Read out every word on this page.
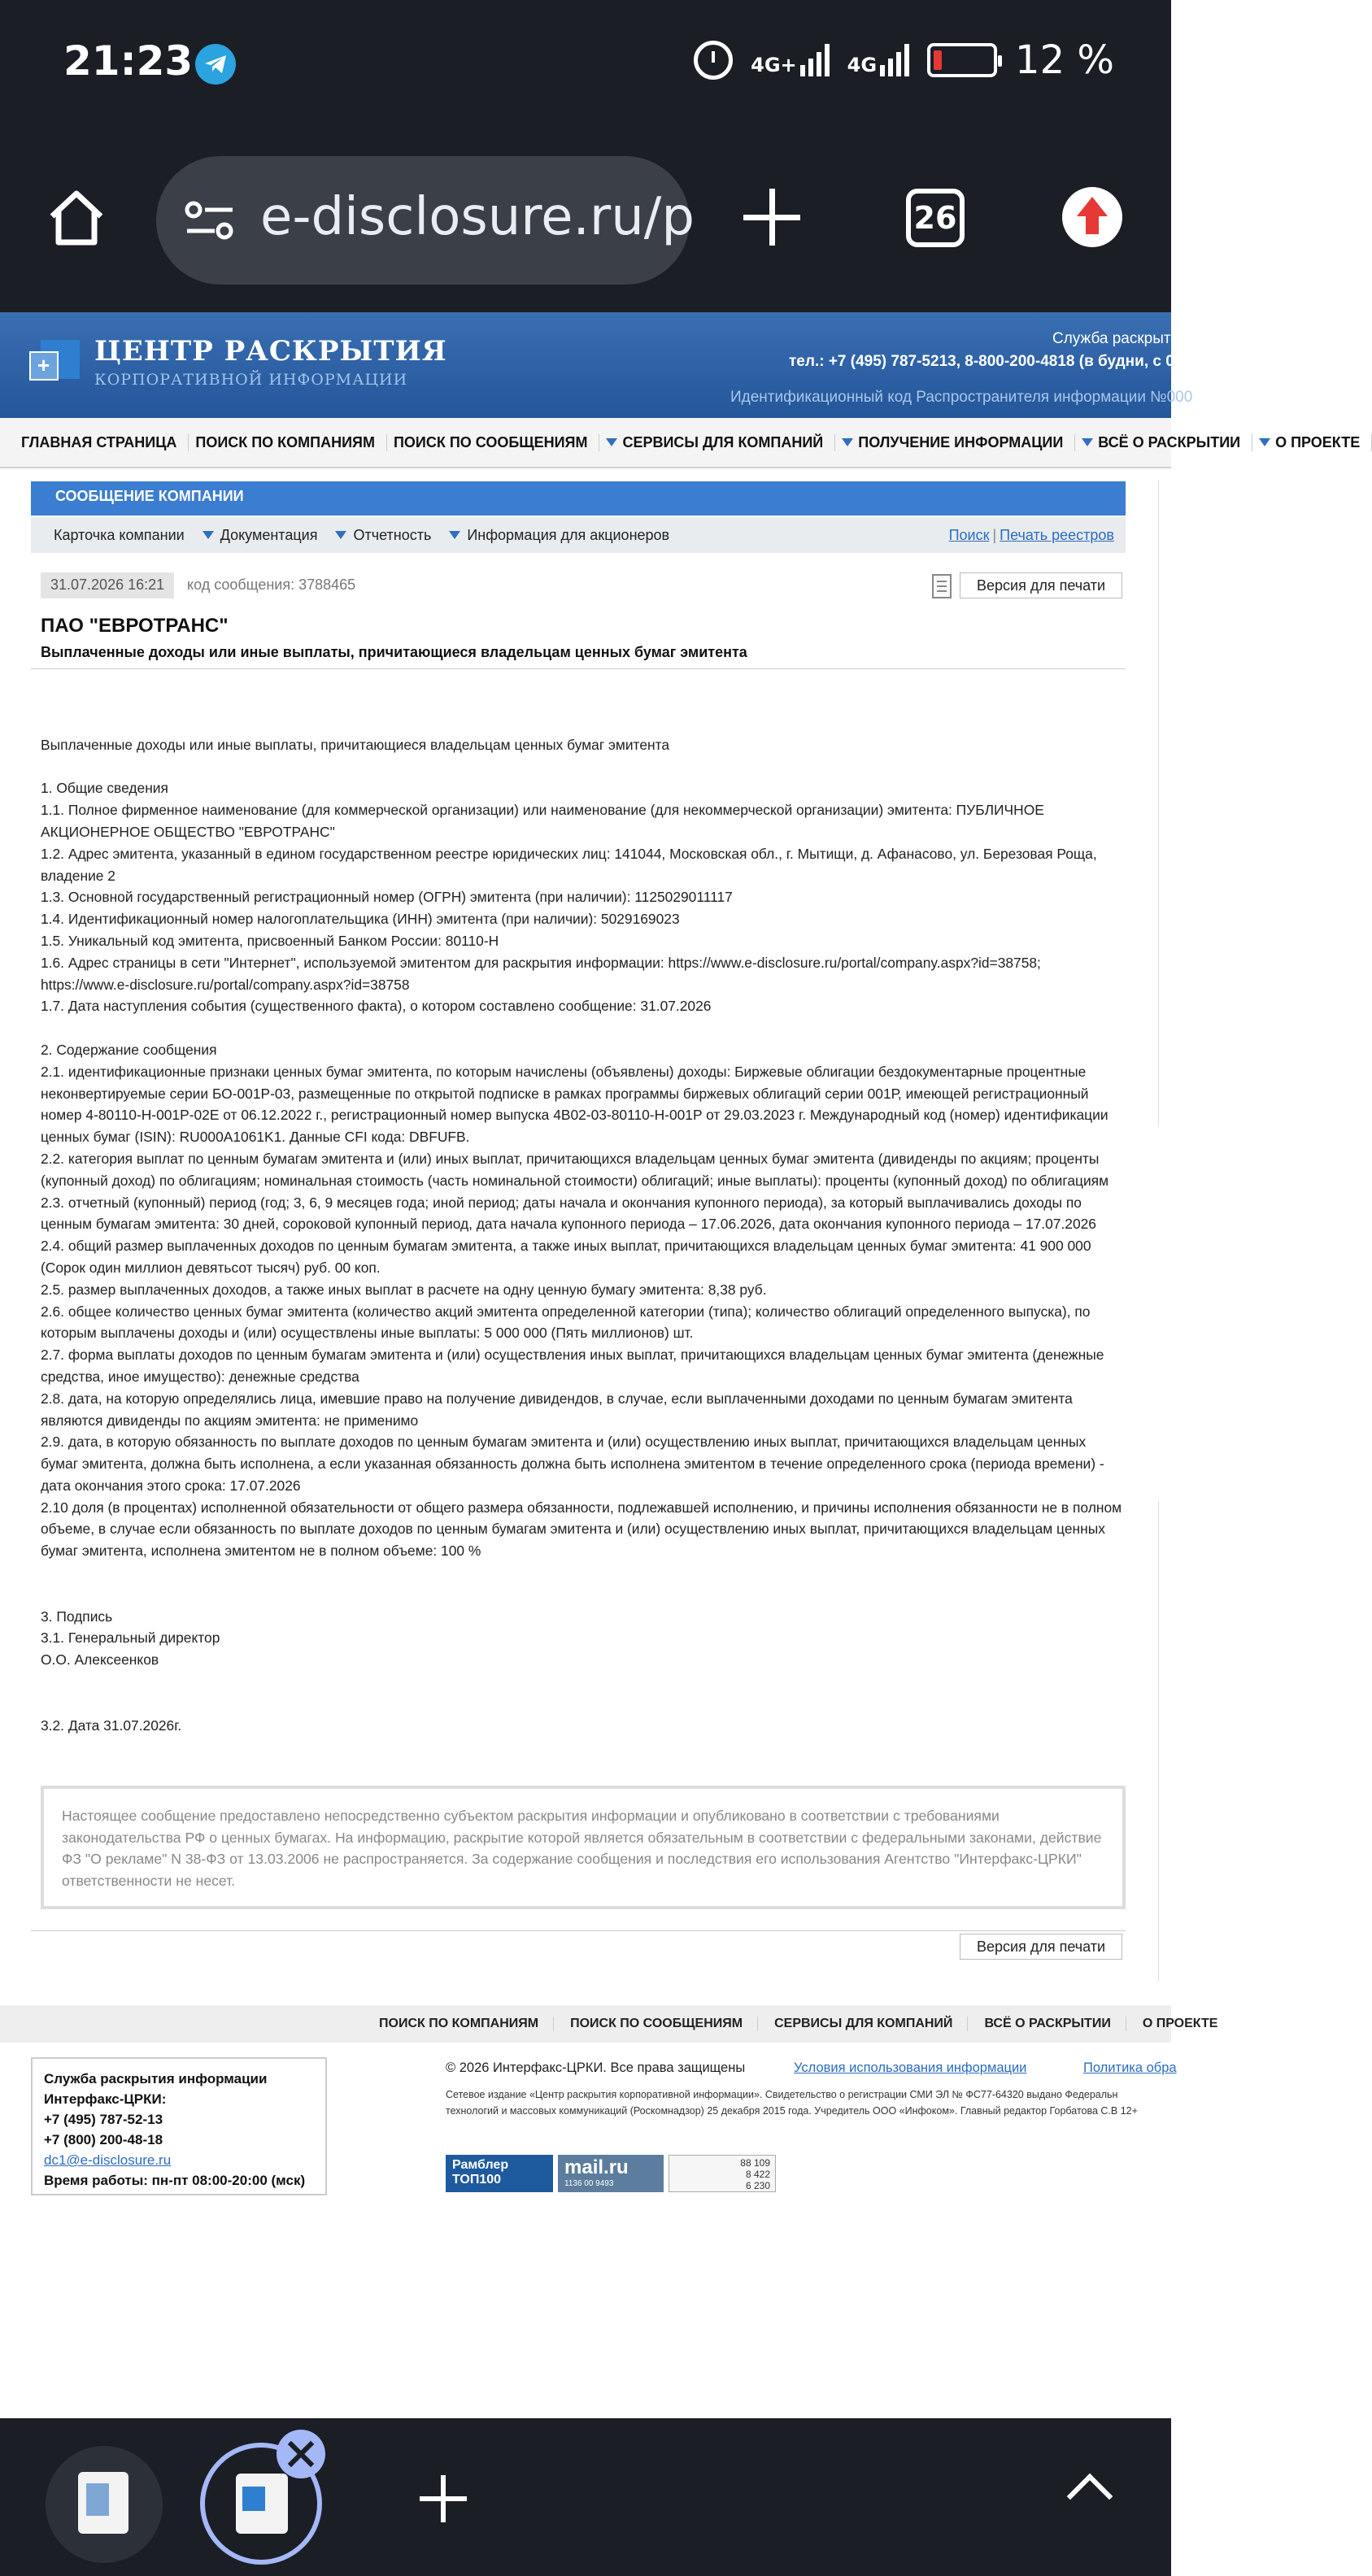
21:23	4G+	4G	12 %
e-disclosure.ru/p	26
+
ЦЕНТР РАСКРЫТИЯ
КОРПОРАТИВНОЙ ИНФОРМАЦИИ
Служба раскрыт
тел.: +7 (495) 787-5213, 8-800-200-4818 (в будни, с 08.0
Идентификационный код Распространителя информации №000
ГЛАВНАЯ СТРАНИЦА ПОИСК ПО КОМПАНИЯМ ПОИСК ПО СООБЩЕНИЯМ СЕРВИСЫ ДЛЯ КОМПАНИЙ ПОЛУЧЕНИЕ ИНФОРМАЦИИ ВСЁ О РАСКРЫТИИ О ПРОЕКТЕ
СООБЩЕНИЕ КОМПАНИИ
Карточка компании Документация Отчетность Информация для акционеров	Поиск | Печать реестров
31.07.2026 16:21	код сообщения: 3788465	Версия для печати
ПАО "ЕВРОТРАНС"
Выплаченные доходы или иные выплаты, причитающиеся владельцам ценных бумаг эмитента

Выплаченные доходы или иные выплаты, причитающиеся владельцам ценных бумаг эмитента

1. Общие сведения

1.1. Полное фирменное наименование (для коммерческой организации) или наименование (для некоммерческой организации) эмитента: ПУБЛИЧНОЕ АКЦИОНЕРНОЕ ОБЩЕСТВО "ЕВРОТРАНС"

1.2. Адрес эмитента, указанный в едином государственном реестре юридических лиц: 141044, Московская обл., г. Мытищи, д. Афанасово, ул. Березовая Роща, владение 2

1.3. Основной государственный регистрационный номер (ОГРН) эмитента (при наличии): 1125029011117

1.4. Идентификационный номер налогоплательщика (ИНН) эмитента (при наличии): 5029169023

1.5. Уникальный код эмитента, присвоенный Банком России: 80110-H

1.6. Адрес страницы в сети "Интернет", используемой эмитентом для раскрытия информации: https://www.e-disclosure.ru/portal/company.aspx?id=38758; https://www.e-disclosure.ru/portal/company.aspx?id=38758

1.7. Дата наступления события (существенного факта), о котором составлено сообщение: 31.07.2026

2. Содержание сообщения

2.1. идентификационные признаки ценных бумаг эмитента, по которым начислены (объявлены) доходы: Биржевые облигации бездокументарные процентные неконвертируемые серии БО-001Р-03, размещенные по открытой подписке в рамках программы биржевых облигаций серии 001Р, имеющей регистрационный номер 4-80110-H-001P-02E от 06.12.2022 г., регистрационный номер выпуска 4B02-03-80110-H-001P от 29.03.2023 г. Международный код (номер) идентификации ценных бумаг (ISIN): RU000A1061K1. Данные CFI кода: DBFUFB.

2.2. категория выплат по ценным бумагам эмитента и (или) иных выплат, причитающихся владельцам ценных бумаг эмитента (дивиденды по акциям; проценты (купонный доход) по облигациям; номинальная стоимость (часть номинальной стоимости) облигаций; иные выплаты): проценты (купонный доход) по облигациям

2.3. отчетный (купонный) период (год; 3, 6, 9 месяцев года; иной период; даты начала и окончания купонного периода), за который выплачивались доходы по ценным бумагам эмитента: 30 дней, сороковой купонный период, дата начала купонного периода – 17.06.2026, дата окончания купонного периода – 17.07.2026

2.4. общий размер выплаченных доходов по ценным бумагам эмитента, а также иных выплат, причитающихся владельцам ценных бумаг эмитента: 41 900 000 (Сорок один миллион девятьсот тысяч) руб. 00 коп.

2.5. размер выплаченных доходов, а также иных выплат в расчете на одну ценную бумагу эмитента: 8,38 руб.

2.6. общее количество ценных бумаг эмитента (количество акций эмитента определенной категории (типа); количество облигаций определенного выпуска), по которым выплачены доходы и (или) осуществлены иные выплаты: 5 000 000 (Пять миллионов) шт.

2.7. форма выплаты доходов по ценным бумагам эмитента и (или) осуществления иных выплат, причитающихся владельцам ценных бумаг эмитента (денежные средства, иное имущество): денежные средства

2.8. дата, на которую определялись лица, имевшие право на получение дивидендов, в случае, если выплаченными доходами по ценным бумагам эмитента являются дивиденды по акциям эмитента: не применимо

2.9. дата, в которую обязанность по выплате доходов по ценным бумагам эмитента и (или) осуществлению иных выплат, причитающихся владельцам ценных бумаг эмитента, должна быть исполнена, а если указанная обязанность должна быть исполнена эмитентом в течение определенного срока (периода времени) - дата окончания этого срока: 17.07.2026

2.10 доля (в процентах) исполненной обязательности от общего размера обязанности, подлежавшей исполнению, и причины исполнения обязанности не в полном объеме, в случае если обязанность по выплате доходов по ценным бумагам эмитента и (или) осуществлению иных выплат, причитающихся владельцам ценных бумаг эмитента, исполнена эмитентом не в полном объеме: 100 %

3. Подпись

3.1. Генеральный директор

О.О. Алексеенков

3.2. Дата 31.07.2026г.

Настоящее сообщение предоставлено непосредственно субъектом раскрытия информации и опубликовано в соответствии с требованиями законодательства РФ о ценных бумагах. На информацию, раскрытие которой является обязательным в соответствии с федеральными законами, действие ФЗ "О рекламе" N 38-ФЗ от 13.03.2006 не распространяется. За содержание сообщения и последствия его использования Агентство "Интерфакс-ЦРКИ" ответственности не несет.
Версия для печати
ПОИСК ПО КОМПАНИЯМ	ПОИСК ПО СООБЩЕНИЯМ	СЕРВИСЫ ДЛЯ КОМПАНИЙ	ВСЁ О РАСКРЫТИИ	О ПРОЕКТЕ
Служба раскрытия информации Интерфакс-ЦРКИ:
+7 (495) 787-52-13
+7 (800) 200-48-18
dc1@e-disclosure.ru
Время работы: пн-пт 08:00-20:00 (мск)
© 2026 Интерфакс-ЦРКИ. Все права защищены	Условия использования информации	Политика обра
Сетевое издание «Центр раскрытия корпоративной информации». Свидетельство о регистрации СМИ ЭЛ № ФС77-64320 выдано Федеральн технологий и массовых коммуникаций (Роскомнадзор) 25 декабря 2015 года. Учредитель ООО «Инфоком». Главный редактор Горбатова С.В 12+
Рамблер ТОП100
mail.ru
1136 00 9493
88 109
8 422
6 230
